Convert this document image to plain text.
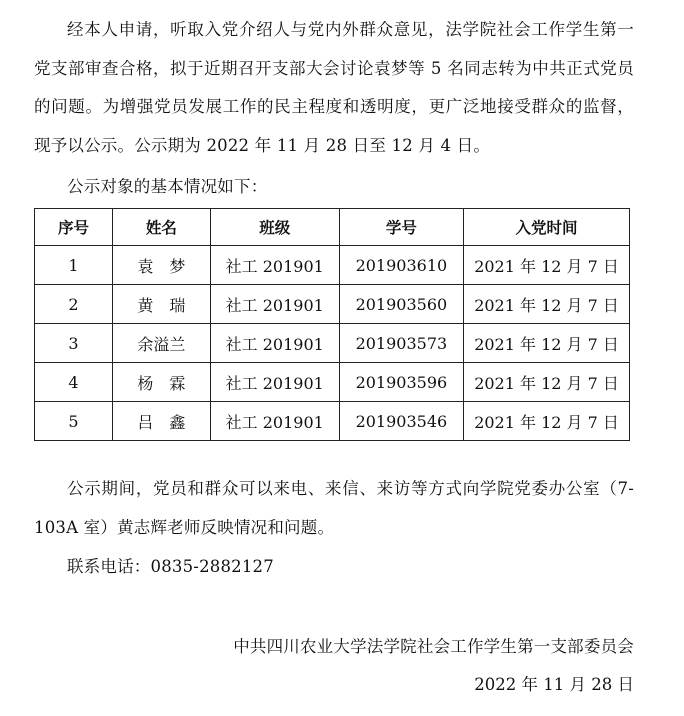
经本人申请，听取入党介绍人与党内外群众意见，法学院社会工作学生第一党支部审查合格，拟于近期召开支部大会讨论袁梦等 5 名同志转为中共正式党员的问题。为增强党员发展工作的民主程度和透明度，更广泛地接受群众的监督，现予以公示。公示期为 2022 年 11 月 28 日至 12 月 4 日。

公示对象的基本情况如下：

序号	姓名	班级	学号	入党时间
1	袁　梦	社工 201901	201903610	2021 年 12 月 7 日
2	黄　瑞	社工 201901	201903560	2021 年 12 月 7 日
3	余溢兰	社工 201901	201903573	2021 年 12 月 7 日
4	杨　霖	社工 201901	201903596	2021 年 12 月 7 日
5	吕　鑫	社工 201901	201903546	2021 年 12 月 7 日

公示期间，党员和群众可以来电、来信、来访等方式向学院党委办公室（7-103A 室）黄志辉老师反映情况和问题。

联系电话：0835-2882127

中共四川农业大学法学院社会工作学生第一支部委员会
2022 年 11 月 28 日
